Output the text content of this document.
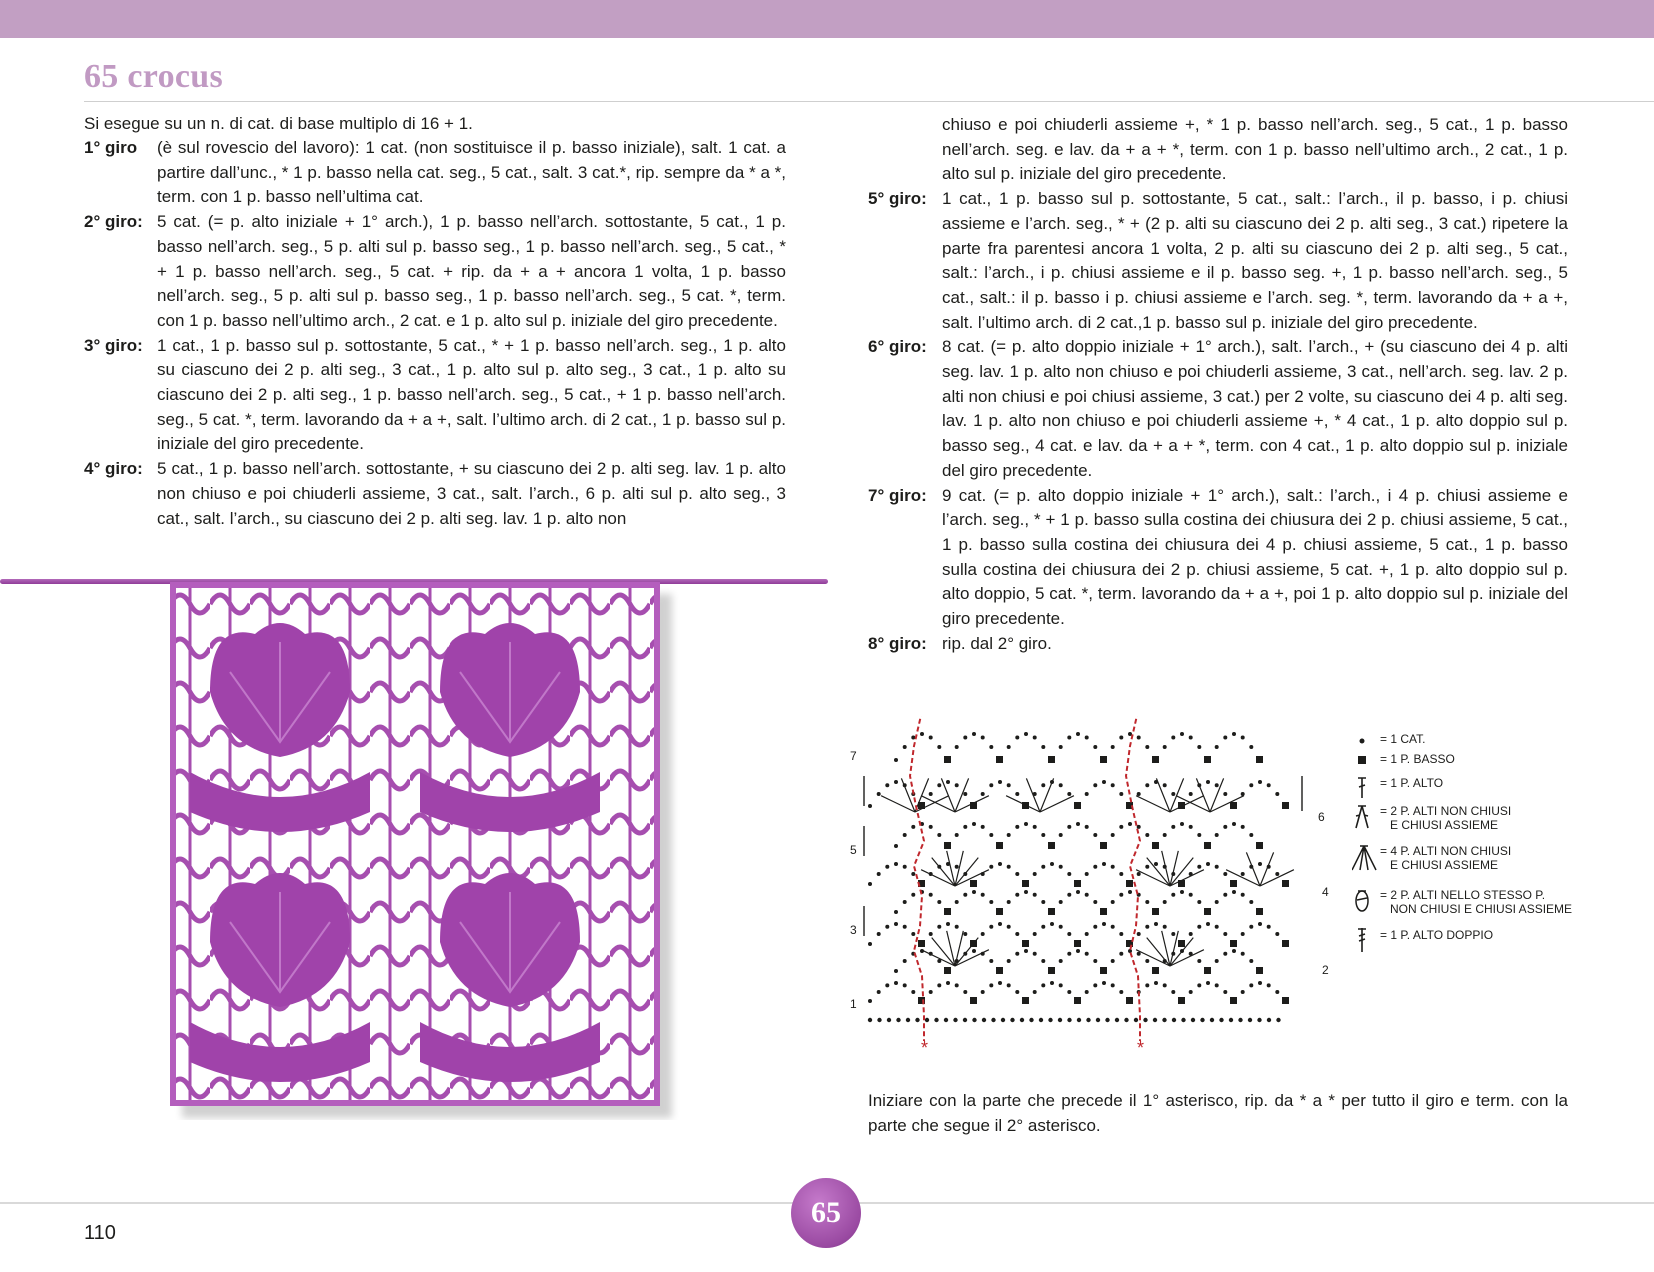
65 crocus
Si esegue su un n. di cat. di base multiplo di 16 + 1.
1° giro	(è sul rovescio del lavoro): 1 cat. (non sostituisce il p. basso iniziale), salt. 1 cat. a partire dall’unc., * 1 p. basso nella cat. seg., 5 cat., salt. 3 cat.*, rip. sempre da * a *, term. con 1 p. basso nell’ultima cat.
2° giro: 5 cat. (= p. alto iniziale + 1° arch.), 1 p. basso nell’arch. sottostante, 5 cat., 1 p. basso nell’arch. seg., 5 p. alti sul p. basso seg., 1 p. basso nell’arch. seg., 5 cat., * + 1 p. basso nell’arch. seg., 5 cat. + rip. da + a + ancora 1 volta, 1 p. basso nell’arch. seg., 5 p. alti sul p. basso seg., 1 p. basso nell’arch. seg., 5 cat. *, term. con 1 p. basso nell’ultimo arch., 2 cat. e 1 p. alto sul p. iniziale del giro precedente.
3° giro: 1 cat., 1 p. basso sul p. sottostante, 5 cat., * + 1 p. basso nell’arch. seg., 1 p. alto su ciascuno dei 2 p. alti seg., 3 cat., 1 p. alto sul p. alto seg., 3 cat., 1 p. alto su ciascuno dei 2 p. alti seg., 1 p. basso nell’arch. seg., 5 cat., + 1 p. basso nell’arch. seg., 5 cat. *, term. lavorando da + a +, salt. l’ultimo arch. di 2 cat., 1 p. basso sul p. iniziale del giro precedente.
4° giro: 5 cat., 1 p. basso nell’arch. sottostante, + su ciascuno dei 2 p. alti seg. lav. 1 p. alto non chiuso e poi chiuderli assieme, 3 cat., salt. l’arch., 6 p. alti sul p. alto seg., 3 cat., salt. l’arch., su ciascuno dei 2 p. alti seg. lav. 1 p. alto non
chiuso e poi chiuderli assieme +, * 1 p. basso nell’arch. seg., 5 cat., 1 p. basso nell’arch. seg. e lav. da + a + *, term. con 1 p. basso nell’ultimo arch., 2 cat., 1 p. alto sul p. iniziale del giro precedente.
5° giro: 1 cat., 1 p. basso sul p. sottostante, 5 cat., salt.: l’arch., il p. basso, i p. chiusi assieme e l’arch. seg., * + (2 p. alti su ciascuno dei 2 p. alti seg., 3 cat.) ripetere la parte fra parentesi ancora 1 volta, 2 p. alti su ciascuno dei 2 p. alti seg., 5 cat., salt.: l’arch., i p. chiusi assieme e il p. basso seg. +, 1 p. basso nell’arch. seg., 5 cat., salt.: il p. basso i p. chiusi assieme e l’arch. seg. *, term. lavorando da + a +, salt. l’ultimo arch. di 2 cat.,1 p. basso sul p. iniziale del giro precedente.
6° giro: 8 cat. (= p. alto doppio iniziale + 1° arch.), salt. l’arch., + (su ciascuno dei 4 p. alti seg. lav. 1 p. alto non chiuso e poi chiuderli assieme, 3 cat., nell’arch. seg. lav. 2 p. alti non chiusi e poi chiusi assieme, 3 cat.) per 2 volte, su ciascuno dei 4 p. alti seg. lav. 1 p. alto non chiuso e poi chiuderli assieme +, * 4 cat., 1 p. alto doppio sul p. basso seg., 4 cat. e lav. da + a + *, term. con 4 cat., 1 p. alto doppio sul p. iniziale del giro precedente.
7° giro: 9 cat. (= p. alto doppio iniziale + 1° arch.), salt.: l’arch., i 4 p. chiusi assieme e l’arch. seg., * + 1 p. basso sulla costina dei chiusura dei 2 p. chiusi assieme, 5 cat., 1 p. basso sulla costina dei chiusura dei 4 p. chiusi assieme, 5 cat., 1 p. basso sulla costina dei chiusura dei 2 p. chiusi assieme, 5 cat. +, 1 p. alto doppio sul p. alto doppio, 5 cat. *, term. lavorando da + a +, poi 1 p. alto doppio sul p. iniziale del giro precedente.
8° giro: rip. dal 2° giro.
7
5
3
1
6
4
2
*	*
= 1 CAT.
= 1 P. BASSO
= 1 P. ALTO
= 2 P. ALTI NON CHIUSI
E CHIUSI ASSIEME
= 4 P. ALTI NON CHIUSI
E CHIUSI ASSIEME
= 2 P. ALTI NELLO STESSO P.
NON CHIUSI E CHIUSI ASSIEME
= 1 P. ALTO DOPPIO
Iniziare con la parte che precede il 1° asterisco, rip. da * a * per tutto il giro e term. con la parte che segue il 2° asterisco.
65
110
